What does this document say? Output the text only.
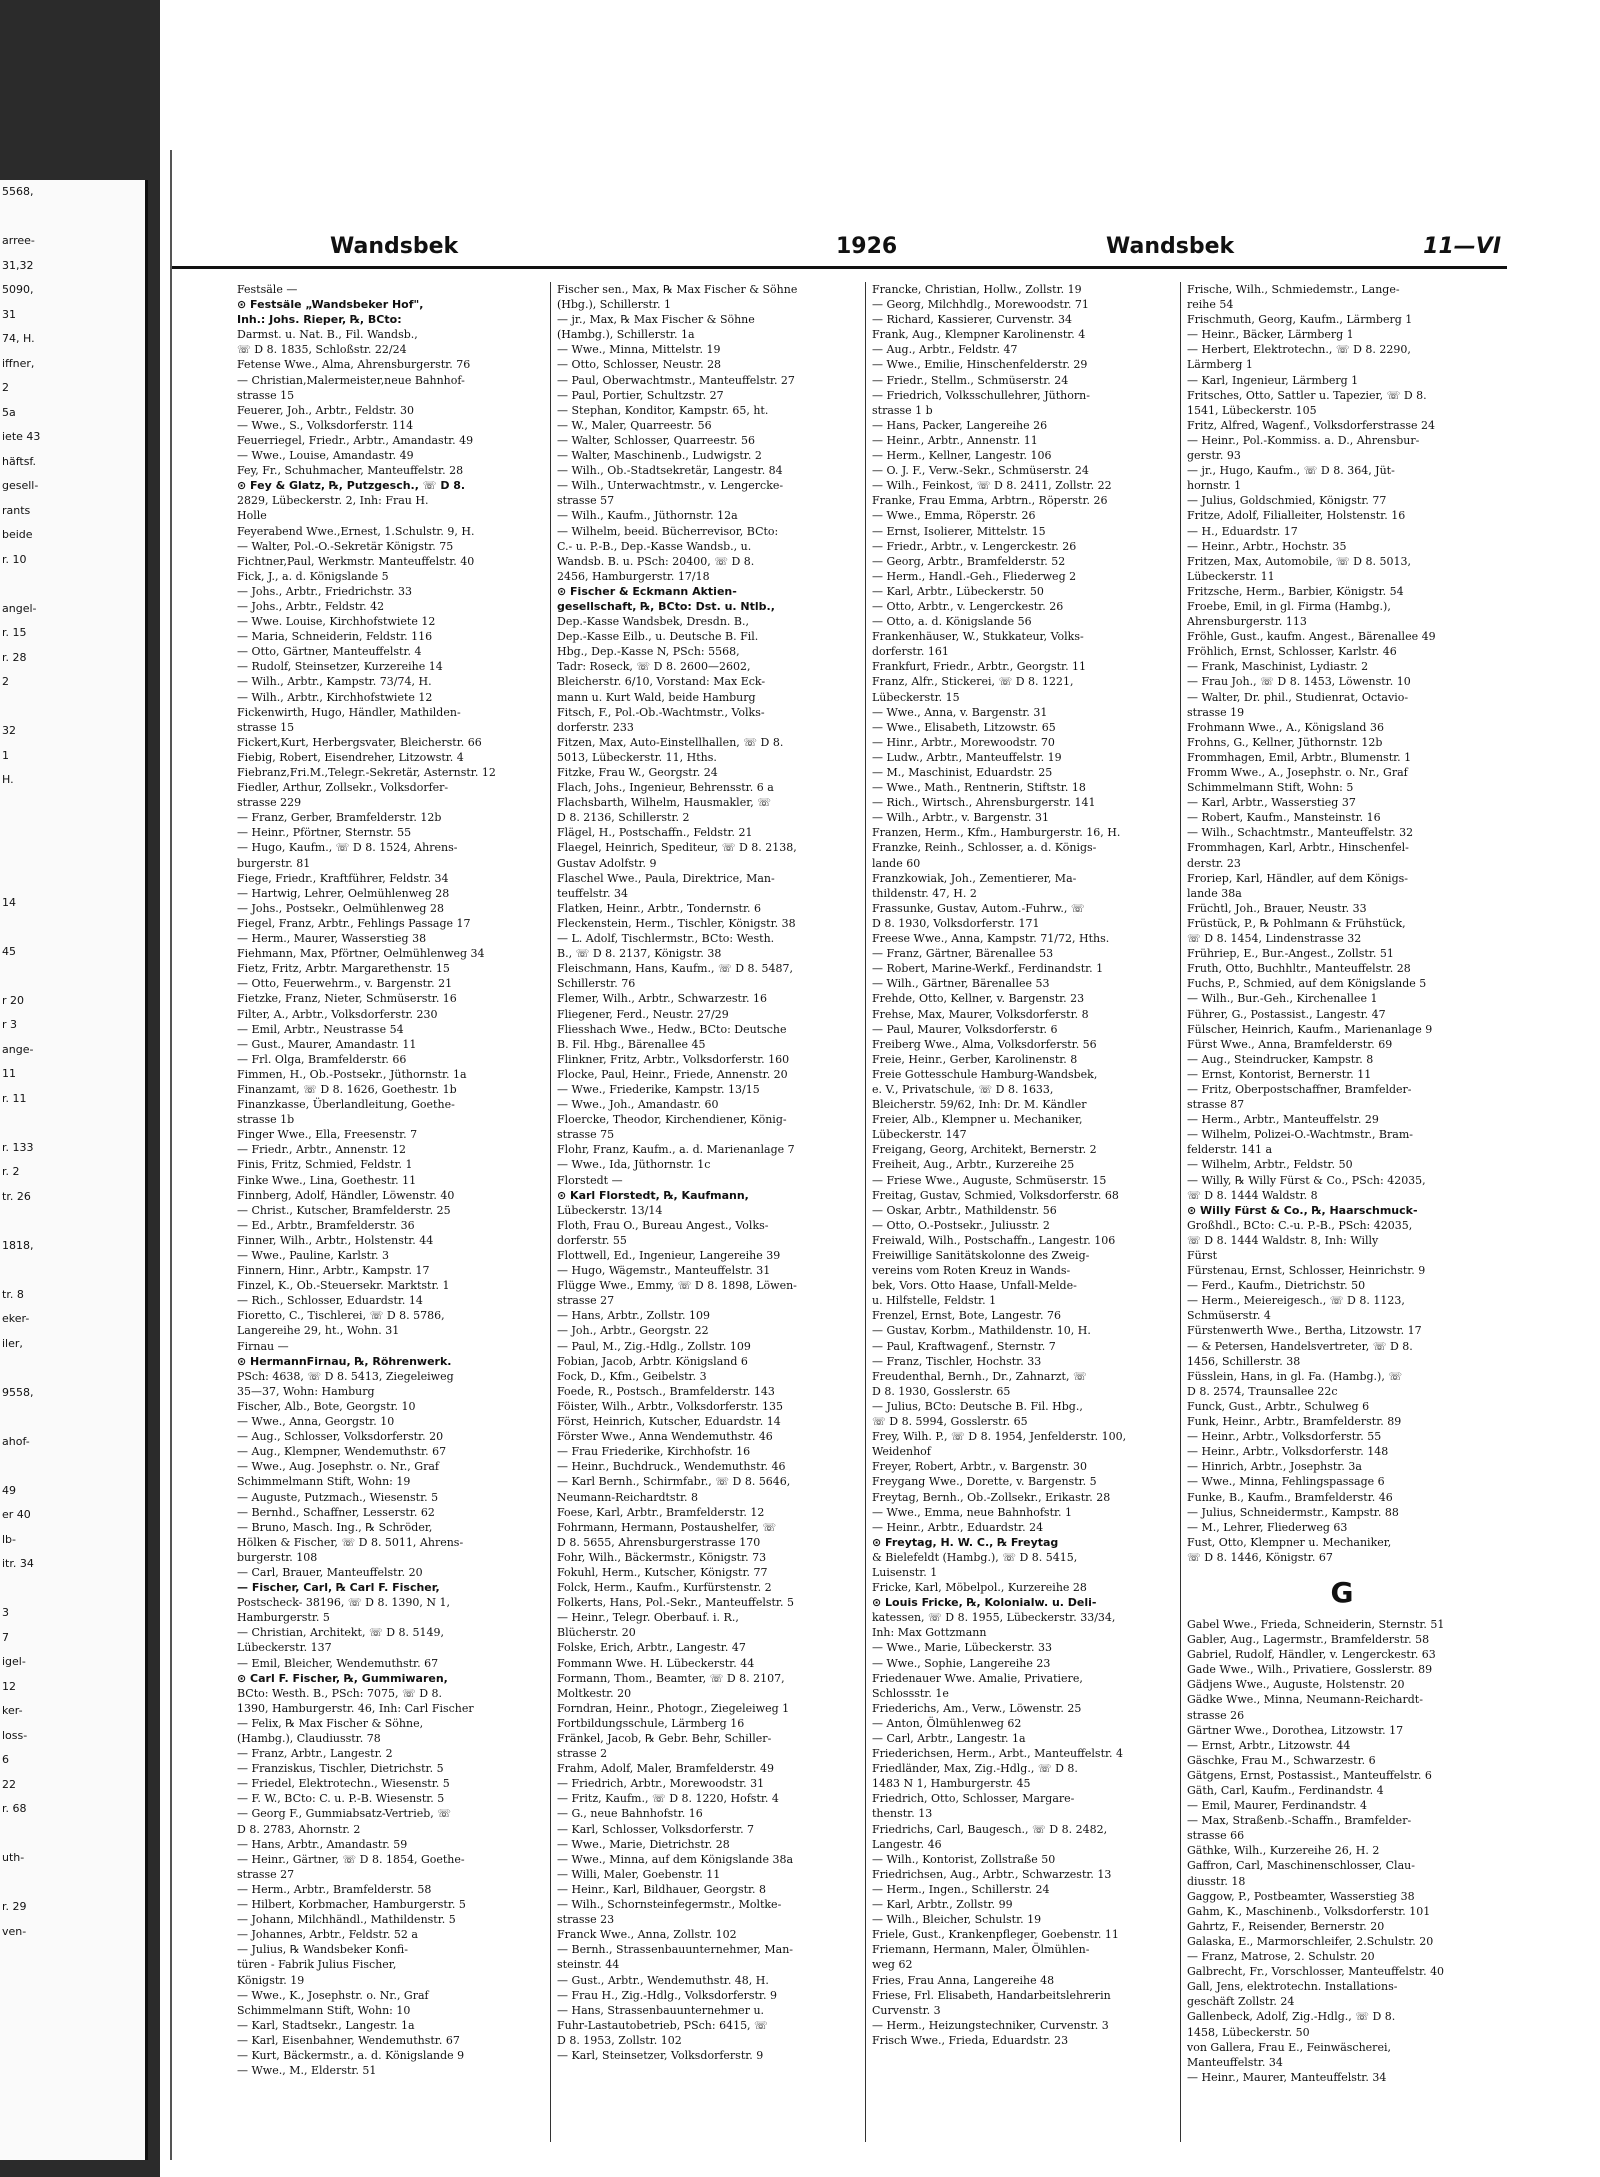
5568,

arree-
31,32
5090,
31
74, H.
iffner,
2
5a
iete 43
häftsf.
gesell-
rants
beide
r. 10

angel-
r. 15
r. 28
2

32
1
H.

14

45

r 20
r 3
ange-
11
r. 11

r. 133
r. 2
tr. 26

1818,

tr. 8
eker-
iler,

9558,

ahof-

49
er 40
lb-
itr. 34

3
7
igel-
12
ker-
loss-
6
22
r. 68

uth-

r. 29
ven-
Wandsbek	1926	Wandsbek	11—VI
Festsäle —
⊙ Festsäle „Wandsbeker Hof",
Inh.: Johs. Rieper, ℞, BCto:
Darmst. u. Nat. B., Fil. Wandsb.,
☏ D 8. 1835, Schloßstr. 22/24
Fetense Wwe., Alma, Ahrensburgerstr. 76
— Christian,Malermeister,neue Bahnhof-
strasse 15
Feuerer, Joh., Arbtr., Feldstr. 30
— Wwe., S., Volksdorferstr. 114
Feuerriegel, Friedr., Arbtr., Amandastr. 49
— Wwe., Louise, Amandastr. 49
Fey, Fr., Schuhmacher, Manteuffelstr. 28
⊙ Fey & Glatz, ℞, Putzgesch., ☏ D 8.
2829, Lübeckerstr. 2, Inh: Frau H.
Holle
Feyerabend Wwe.,Ernest, 1.Schulstr. 9, H.
— Walter, Pol.-O.-Sekretär Königstr. 75
Fichtner,Paul, Werkmstr. Manteuffelstr. 40
Fick, J., a. d. Königslande 5
— Johs., Arbtr., Friedrichstr. 33
— Johs., Arbtr., Feldstr. 42
— Wwe. Louise, Kirchhofstwiete 12
— Maria, Schneiderin, Feldstr. 116
— Otto, Gärtner, Manteuffelstr. 4
— Rudolf, Steinsetzer, Kurzereihe 14
— Wilh., Arbtr., Kampstr. 73/74, H.
— Wilh., Arbtr., Kirchhofstwiete 12
Fickenwirth, Hugo, Händler, Mathilden-
strasse 15
Fickert,Kurt, Herbergsvater, Bleicherstr. 66
Fiebig, Robert, Eisendreher, Litzowstr. 4
Fiebranz,Fri.M.,Telegr.-Sekretär, Asternstr. 12
Fiedler, Arthur, Zollsekr., Volksdorfer-
strasse 229
— Franz, Gerber, Bramfelderstr. 12b
— Heinr., Pförtner, Sternstr. 55
— Hugo, Kaufm., ☏ D 8. 1524, Ahrens-
burgerstr. 81
Fiege, Friedr., Kraftführer, Feldstr. 34
— Hartwig, Lehrer, Oelmühlenweg 28
— Johs., Postsekr., Oelmühlenweg 28
Fiegel, Franz, Arbtr., Fehlings Passage 17
— Herm., Maurer, Wasserstieg 38
Fiehmann, Max, Pförtner, Oelmühlenweg 34
Fietz, Fritz, Arbtr. Margarethenstr. 15
— Otto, Feuerwehrm., v. Bargenstr. 21
Fietzke, Franz, Nieter, Schmüserstr. 16
Filter, A., Arbtr., Volksdorferstr. 230
— Emil, Arbtr., Neustrasse 54
— Gust., Maurer, Amandastr. 11
— Frl. Olga, Bramfelderstr. 66
Fimmen, H., Ob.-Postsekr., Jüthornstr. 1a
Finanzamt, ☏ D 8. 1626, Goethestr. 1b
Finanzkasse, Überlandleitung, Goethe-
strasse 1b
Finger Wwe., Ella, Freesenstr. 7
— Friedr., Arbtr., Annenstr. 12
Finis, Fritz, Schmied, Feldstr. 1
Finke Wwe., Lina, Goethestr. 11
Finnberg, Adolf, Händler, Löwenstr. 40
— Christ., Kutscher, Bramfelderstr. 25
— Ed., Arbtr., Bramfelderstr. 36
Finner, Wilh., Arbtr., Holstenstr. 44
— Wwe., Pauline, Karlstr. 3
Finnern, Hinr., Arbtr., Kampstr. 17
Finzel, K., Ob.-Steuersekr. Marktstr. 1
— Rich., Schlosser, Eduardstr. 14
Fioretto, C., Tischlerei, ☏ D 8. 5786,
Langereihe 29, ht., Wohn. 31
Firnau —
⊙ HermannFirnau, ℞, Röhrenwerk.
PSch: 4638, ☏ D 8. 5413, Ziegeleiweg
35—37, Wohn: Hamburg
Fischer, Alb., Bote, Georgstr. 10
— Wwe., Anna, Georgstr. 10
— Aug., Schlosser, Volksdorferstr. 20
— Aug., Klempner, Wendemuthstr. 67
— Wwe., Aug. Josephstr. o. Nr., Graf
Schimmelmann Stift, Wohn: 19
— Auguste, Putzmach., Wiesenstr. 5
— Bernhd., Schaffner, Lesserstr. 62
— Bruno, Masch. Ing., ℞ Schröder,
Hölken & Fischer, ☏ D 8. 5011, Ahrens-
burgerstr. 108
— Carl, Brauer, Manteuffelstr. 20
— Fischer, Carl, ℞ Carl F. Fischer,
Postscheck- 38196, ☏ D 8. 1390, N 1,
Hamburgerstr. 5
— Christian, Architekt, ☏ D 8. 5149,
Lübeckerstr. 137
— Emil, Bleicher, Wendemuthstr. 67
⊙ Carl F. Fischer, ℞, Gummiwaren,
BCto: Westh. B., PSch: 7075, ☏ D 8.
1390, Hamburgerstr. 46, Inh: Carl Fischer
— Felix, ℞ Max Fischer & Söhne,
(Hambg.), Claudiusstr. 78
— Franz, Arbtr., Langestr. 2
— Franziskus, Tischler, Dietrichstr. 5
— Friedel, Elektrotechn., Wiesenstr. 5
— F. W., BCto: C. u. P.-B. Wiesenstr. 5
— Georg F., Gummiabsatz-Vertrieb, ☏
D 8. 2783, Ahornstr. 2
— Hans, Arbtr., Amandastr. 59
— Heinr., Gärtner, ☏ D 8. 1854, Goethe-
strasse 27
— Herm., Arbtr., Bramfelderstr. 58
— Hilbert, Korbmacher, Hamburgerstr. 5
— Johann, Milchhändl., Mathildenstr. 5
— Johannes, Arbtr., Feldstr. 52 a
— Julius, ℞ Wandsbeker Konfi-
türen - Fabrik Julius Fischer,
Königstr. 19
— Wwe., K., Josephstr. o. Nr., Graf
Schimmelmann Stift, Wohn: 10
— Karl, Stadtsekr., Langestr. 1a
— Karl, Eisenbahner, Wendemuthstr. 67
— Kurt, Bäckermstr., a. d. Königslande 9
— Wwe., M., Elderstr. 51
Fischer sen., Max, ℞ Max Fischer & Söhne
(Hbg.), Schillerstr. 1
— jr., Max, ℞ Max Fischer & Söhne
(Hambg.), Schillerstr. 1a
— Wwe., Minna, Mittelstr. 19
— Otto, Schlosser, Neustr. 28
— Paul, Oberwachtmstr., Manteuffelstr. 27
— Paul, Portier, Schultzstr. 27
— Stephan, Konditor, Kampstr. 65, ht.
— W., Maler, Quarreestr. 56
— Walter, Schlosser, Quarreestr. 56
— Walter, Maschinenb., Ludwigstr. 2
— Wilh., Ob.-Stadtsekretär, Langestr. 84
— Wilh., Unterwachtmstr., v. Lengercke-
strasse 57
— Wilh., Kaufm., Jüthornstr. 12a
— Wilhelm, beeid. Bücherrevisor, BCto:
C.- u. P.-B., Dep.-Kasse Wandsb., u.
Wandsb. B. u. PSch: 20400, ☏ D 8.
2456, Hamburgerstr. 17/18
⊙ Fischer & Eckmann Aktien-
gesellschaft, ℞, BCto: Dst. u. Ntlb.,
Dep.-Kasse Wandsbek, Dresdn. B.,
Dep.-Kasse Eilb., u. Deutsche B. Fil.
Hbg., Dep.-Kasse N, PSch: 5568,
Tadr: Roseck, ☏ D 8. 2600—2602,
Bleicherstr. 6/10, Vorstand: Max Eck-
mann u. Kurt Wald, beide Hamburg
Fitsch, F., Pol.-Ob.-Wachtmstr., Volks-
dorferstr. 233
Fitzen, Max, Auto-Einstellhallen, ☏ D 8.
5013, Lübeckerstr. 11, Hths.
Fitzke, Frau W., Georgstr. 24
Flach, Johs., Ingenieur, Behrensstr. 6 a
Flachsbarth, Wilhelm, Hausmakler, ☏
D 8. 2136, Schillerstr. 2
Flägel, H., Postschaffn., Feldstr. 21
Flaegel, Heinrich, Spediteur, ☏ D 8. 2138,
Gustav Adolfstr. 9
Flaschel Wwe., Paula, Direktrice, Man-
teuffelstr. 34
Flatken, Heinr., Arbtr., Tondernstr. 6
Fleckenstein, Herm., Tischler, Königstr. 38
— L. Adolf, Tischlermstr., BCto: Westh.
B., ☏ D 8. 2137, Königstr. 38
Fleischmann, Hans, Kaufm., ☏ D 8. 5487,
Schillerstr. 76
Flemer, Wilh., Arbtr., Schwarzestr. 16
Fliegener, Ferd., Neustr. 27/29
Fliesshach Wwe., Hedw., BCto: Deutsche
B. Fil. Hbg., Bärenallee 45
Flinkner, Fritz, Arbtr., Volksdorferstr. 160
Flocke, Paul, Heinr., Friede, Annenstr. 20
— Wwe., Friederike, Kampstr. 13/15
— Wwe., Joh., Amandastr. 60
Floercke, Theodor, Kirchendiener, König-
strasse 75
Flohr, Franz, Kaufm., a. d. Marienanlage 7
— Wwe., Ida, Jüthornstr. 1c
Florstedt —
⊙ Karl Florstedt, ℞, Kaufmann,
Lübeckerstr. 13/14
Floth, Frau O., Bureau Angest., Volks-
dorferstr. 55
Flottwell, Ed., Ingenieur, Langereihe 39
— Hugo, Wägemstr., Manteuffelstr. 31
Flügge Wwe., Emmy, ☏ D 8. 1898, Löwen-
strasse 27
— Hans, Arbtr., Zollstr. 109
— Joh., Arbtr., Georgstr. 22
— Paul, M., Zig.-Hdlg., Zollstr. 109
Fobian, Jacob, Arbtr. Königsland 6
Fock, D., Kfm., Geibelstr. 3
Foede, R., Postsch., Bramfelderstr. 143
Föister, Wilh., Arbtr., Volksdorferstr. 135
Först, Heinrich, Kutscher, Eduardstr. 14
Förster Wwe., Anna Wendemuthstr. 46
— Frau Friederike, Kirchhofstr. 16
— Heinr., Buchdruck., Wendemuthstr. 46
— Karl Bernh., Schirmfabr., ☏ D 8. 5646,
Neumann-Reichardtstr. 8
Foese, Karl, Arbtr., Bramfelderstr. 12
Fohrmann, Hermann, Postaushelfer, ☏
D 8. 5655, Ahrensburgerstrasse 170
Fohr, Wilh., Bäckermstr., Königstr. 73
Fokuhl, Herm., Kutscher, Königstr. 77
Folck, Herm., Kaufm., Kurfürstenstr. 2
Folkerts, Hans, Pol.-Sekr., Manteuffelstr. 5
— Heinr., Telegr. Oberbauf. i. R.,
Blücherstr. 20
Folske, Erich, Arbtr., Langestr. 47
Fommann Wwe. H. Lübeckerstr. 44
Formann, Thom., Beamter, ☏ D 8. 2107,
Moltkestr. 20
Forndran, Heinr., Photogr., Ziegeleiweg 1
Fortbildungsschule, Lärmberg 16
Fränkel, Jacob, ℞ Gebr. Behr, Schiller-
strasse 2
Frahm, Adolf, Maler, Bramfelderstr. 49
— Friedrich, Arbtr., Morewoodstr. 31
— Fritz, Kaufm., ☏ D 8. 1220, Hofstr. 4
— G., neue Bahnhofstr. 16
— Karl, Schlosser, Volksdorferstr. 7
— Wwe., Marie, Dietrichstr. 28
— Wwe., Minna, auf dem Königslande 38a
— Willi, Maler, Goebenstr. 11
— Heinr., Karl, Bildhauer, Georgstr. 8
— Wilh., Schornsteinfegermstr., Moltke-
strasse 23
Franck Wwe., Anna, Zollstr. 102
— Bernh., Strassenbauunternehmer, Man-
steinstr. 44
— Gust., Arbtr., Wendemuthstr. 48, H.
— Frau H., Zig.-Hdlg., Volksdorferstr. 9
— Hans, Strassenbauunternehmer u.
Fuhr-Lastautobetrieb, PSch: 6415, ☏
D 8. 1953, Zollstr. 102
— Karl, Steinsetzer, Volksdorferstr. 9
Francke, Christian, Hollw., Zollstr. 19
— Georg, Milchhdlg., Morewoodstr. 71
— Richard, Kassierer, Curvenstr. 34
Frank, Aug., Klempner Karolinenstr. 4
— Aug., Arbtr., Feldstr. 47
— Wwe., Emilie, Hinschenfelderstr. 29
— Friedr., Stellm., Schmüserstr. 24
— Friedrich, Volksschullehrer, Jüthorn-
strasse 1 b
— Hans, Packer, Langereihe 26
— Heinr., Arbtr., Annenstr. 11
— Herm., Kellner, Langestr. 106
— O. J. F., Verw.-Sekr., Schmüserstr. 24
— Wilh., Feinkost, ☏ D 8. 2411, Zollstr. 22
Franke, Frau Emma, Arbtrn., Röperstr. 26
— Wwe., Emma, Röperstr. 26
— Ernst, Isolierer, Mittelstr. 15
— Friedr., Arbtr., v. Lengerckestr. 26
— Georg, Arbtr., Bramfelderstr. 52
— Herm., Handl.-Geh., Fliederweg 2
— Karl, Arbtr., Lübeckerstr. 50
— Otto, Arbtr., v. Lengerckestr. 26
— Otto, a. d. Königslande 56
Frankenhäuser, W., Stukkateur, Volks-
dorferstr. 161
Frankfurt, Friedr., Arbtr., Georgstr. 11
Franz, Alfr., Stickerei, ☏ D 8. 1221,
Lübeckerstr. 15
— Wwe., Anna, v. Bargenstr. 31
— Wwe., Elisabeth, Litzowstr. 65
— Hinr., Arbtr., Morewoodstr. 70
— Ludw., Arbtr., Manteuffelstr. 19
— M., Maschinist, Eduardstr. 25
— Wwe., Math., Rentnerin, Stiftstr. 18
— Rich., Wirtsch., Ahrensburgerstr. 141
— Wilh., Arbtr., v. Bargenstr. 31
Franzen, Herm., Kfm., Hamburgerstr. 16, H.
Franzke, Reinh., Schlosser, a. d. Königs-
lande 60
Franzkowiak, Joh., Zementierer, Ma-
thildenstr. 47, H. 2
Frassunke, Gustav, Autom.-Fuhrw., ☏
D 8. 1930, Volksdorferstr. 171
Freese Wwe., Anna, Kampstr. 71/72, Hths.
— Franz, Gärtner, Bärenallee 53
— Robert, Marine-Werkf., Ferdinandstr. 1
— Wilh., Gärtner, Bärenallee 53
Frehde, Otto, Kellner, v. Bargenstr. 23
Frehse, Max, Maurer, Volksdorferstr. 8
— Paul, Maurer, Volksdorferstr. 6
Freiberg Wwe., Alma, Volksdorferstr. 56
Freie, Heinr., Gerber, Karolinenstr. 8
Freie Gottesschule Hamburg-Wandsbek,
e. V., Privatschule, ☏ D 8. 1633,
Bleicherstr. 59/62, Inh: Dr. M. Kändler
Freier, Alb., Klempner u. Mechaniker,
Lübeckerstr. 147
Freigang, Georg, Architekt, Bernerstr. 2
Freiheit, Aug., Arbtr., Kurzereihe 25
— Friese Wwe., Auguste, Schmüserstr. 15
Freitag, Gustav, Schmied, Volksdorferstr. 68
— Oskar, Arbtr., Mathildenstr. 56
— Otto, O.-Postsekr., Juliusstr. 2
Freiwald, Wilh., Postschaffn., Langestr. 106
Freiwillige Sanitätskolonne des Zweig-
vereins vom Roten Kreuz in Wands-
bek, Vors. Otto Haase, Unfall-Melde-
u. Hilfstelle, Feldstr. 1
Frenzel, Ernst, Bote, Langestr. 76
— Gustav, Korbm., Mathildenstr. 10, H.
— Paul, Kraftwagenf., Sternstr. 7
— Franz, Tischler, Hochstr. 33
Freudenthal, Bernh., Dr., Zahnarzt, ☏
D 8. 1930, Gosslerstr. 65
— Julius, BCto: Deutsche B. Fil. Hbg.,
☏ D 8. 5994, Gosslerstr. 65
Frey, Wilh. P., ☏ D 8. 1954, Jenfelderstr. 100,
Weidenhof
Freyer, Robert, Arbtr., v. Bargenstr. 30
Freygang Wwe., Dorette, v. Bargenstr. 5
Freytag, Bernh., Ob.-Zollsekr., Erikastr. 28
— Wwe., Emma, neue Bahnhofstr. 1
— Heinr., Arbtr., Eduardstr. 24
⊙ Freytag, H. W. C., ℞ Freytag
& Bielefeldt (Hambg.), ☏ D 8. 5415,
Luisenstr. 1
Fricke, Karl, Möbelpol., Kurzereihe 28
⊙ Louis Fricke, ℞, Kolonialw. u. Deli-
katessen, ☏ D 8. 1955, Lübeckerstr. 33/34,
Inh: Max Gottzmann
— Wwe., Marie, Lübeckerstr. 33
— Wwe., Sophie, Langereihe 23
Friedenauer Wwe. Amalie, Privatiere,
Schlossstr. 1e
Friederichs, Am., Verw., Löwenstr. 25
— Anton, Ölmühlenweg 62
— Carl, Arbtr., Langestr. 1a
Friederichsen, Herm., Arbt., Manteuffelstr. 4
Friedländer, Max, Zig.-Hdlg., ☏ D 8.
1483 N 1, Hamburgerstr. 45
Friedrich, Otto, Schlosser, Margare-
thenstr. 13
Friedrichs, Carl, Baugesch., ☏ D 8. 2482,
Langestr. 46
— Wilh., Kontorist, Zollstraße 50
Friedrichsen, Aug., Arbtr., Schwarzestr. 13
— Herm., Ingen., Schillerstr. 24
— Karl, Arbtr., Zollstr. 99
— Wilh., Bleicher, Schulstr. 19
Friele, Gust., Krankenpfleger, Goebenstr. 11
Friemann, Hermann, Maler, Ölmühlen-
weg 62
Fries, Frau Anna, Langereihe 48
Friese, Frl. Elisabeth, Handarbeitslehrerin
Curvenstr. 3
— Herm., Heizungstechniker, Curvenstr. 3
Frisch Wwe., Frieda, Eduardstr. 23
Frische, Wilh., Schmiedemstr., Lange-
reihe 54
Frischmuth, Georg, Kaufm., Lärmberg 1
— Heinr., Bäcker, Lärmberg 1
— Herbert, Elektrotechn., ☏ D 8. 2290,
Lärmberg 1
— Karl, Ingenieur, Lärmberg 1
Fritsches, Otto, Sattler u. Tapezier, ☏ D 8.
1541, Lübeckerstr. 105
Fritz, Alfred, Wagenf., Volksdorferstrasse 24
— Heinr., Pol.-Kommiss. a. D., Ahrensbur-
gerstr. 93
— jr., Hugo, Kaufm., ☏ D 8. 364, Jüt-
hornstr. 1
— Julius, Goldschmied, Königstr. 77
Fritze, Adolf, Filialleiter, Holstenstr. 16
— H., Eduardstr. 17
— Heinr., Arbtr., Hochstr. 35
Fritzen, Max, Automobile, ☏ D 8. 5013,
Lübeckerstr. 11
Fritzsche, Herm., Barbier, Königstr. 54
Froebe, Emil, in gl. Firma (Hambg.),
Ahrensburgerstr. 113
Fröhle, Gust., kaufm. Angest., Bärenallee 49
Fröhlich, Ernst, Schlosser, Karlstr. 46
— Frank, Maschinist, Lydiastr. 2
— Frau Joh., ☏ D 8. 1453, Löwenstr. 10
— Walter, Dr. phil., Studienrat, Octavio-
strasse 19
Frohmann Wwe., A., Königsland 36
Frohns, G., Kellner, Jüthornstr. 12b
Frommhagen, Emil, Arbtr., Blumenstr. 1
Fromm Wwe., A., Josephstr. o. Nr., Graf
Schimmelmann Stift, Wohn: 5
— Karl, Arbtr., Wasserstieg 37
— Robert, Kaufm., Mansteinstr. 16
— Wilh., Schachtmstr., Manteuffelstr. 32
Frommhagen, Karl, Arbtr., Hinschenfel-
derstr. 23
Froriep, Karl, Händler, auf dem Königs-
lande 38a
Früchtl, Joh., Brauer, Neustr. 33
Früstück, P., ℞ Pohlmann & Frühstück,
☏ D 8. 1454, Lindenstrasse 32
Frühriep, E., Bur.-Angest., Zollstr. 51
Fruth, Otto, Buchhltr., Manteuffelstr. 28
Fuchs, P., Schmied, auf dem Königslande 5
— Wilh., Bur.-Geh., Kirchenallee 1
Führer, G., Postassist., Langestr. 47
Fülscher, Heinrich, Kaufm., Marienanlage 9
Fürst Wwe., Anna, Bramfelderstr. 69
— Aug., Steindrucker, Kampstr. 8
— Ernst, Kontorist, Bernerstr. 11
— Fritz, Oberpostschaffner, Bramfelder-
strasse 87
— Herm., Arbtr., Manteuffelstr. 29
— Wilhelm, Polizei-O.-Wachtmstr., Bram-
felderstr. 141 a
— Wilhelm, Arbtr., Feldstr. 50
— Willy, ℞ Willy Fürst & Co., PSch: 42035,
☏ D 8. 1444 Waldstr. 8
⊙ Willy Fürst & Co., ℞, Haarschmuck-
Großhdl., BCto: C.-u. P.-B., PSch: 42035,
☏ D 8. 1444 Waldstr. 8, Inh: Willy
Fürst
Fürstenau, Ernst, Schlosser, Heinrichstr. 9
— Ferd., Kaufm., Dietrichstr. 50
— Herm., Meiereigesch., ☏ D 8. 1123,
Schmüserstr. 4
Fürstenwerth Wwe., Bertha, Litzowstr. 17
— & Petersen, Handelsvertreter, ☏ D 8.
1456, Schillerstr. 38
Füsslein, Hans, in gl. Fa. (Hambg.), ☏
D 8. 2574, Traunsallee 22c
Funck, Gust., Arbtr., Schulweg 6
Funk, Heinr., Arbtr., Bramfelderstr. 89
— Heinr., Arbtr., Volksdorferstr. 55
— Heinr., Arbtr., Volksdorferstr. 148
— Hinrich, Arbtr., Josephstr. 3a
— Wwe., Minna, Fehlingspassage 6
Funke, B., Kaufm., Bramfelderstr. 46
— Julius, Schneidermstr., Kampstr. 88
— M., Lehrer, Fliederweg 63
Fust, Otto, Klempner u. Mechaniker,
☏ D 8. 1446, Königstr. 67
G
Gabel Wwe., Frieda, Schneiderin, Sternstr. 51
Gabler, Aug., Lagermstr., Bramfelderstr. 58
Gabriel, Rudolf, Händler, v. Lengerckestr. 63
Gade Wwe., Wilh., Privatiere, Gosslerstr. 89
Gädjens Wwe., Auguste, Holstenstr. 20
Gädke Wwe., Minna, Neumann-Reichardt-
strasse 26
Gärtner Wwe., Dorothea, Litzowstr. 17
— Ernst, Arbtr., Litzowstr. 44
Gäschke, Frau M., Schwarzestr. 6
Gätgens, Ernst, Postassist., Manteuffelstr. 6
Gäth, Carl, Kaufm., Ferdinandstr. 4
— Emil, Maurer, Ferdinandstr. 4
— Max, Straßenb.-Schaffn., Bramfelder-
strasse 66
Gäthke, Wilh., Kurzereihe 26, H. 2
Gaffron, Carl, Maschinenschlosser, Clau-
diusstr. 18
Gaggow, P., Postbeamter, Wasserstieg 38
Gahm, K., Maschinenb., Volksdorferstr. 101
Gahrtz, F., Reisender, Bernerstr. 20
Galaska, E., Marmorschleifer, 2.Schulstr. 20
— Franz, Matrose, 2. Schulstr. 20
Galbrecht, Fr., Vorschlosser, Manteuffelstr. 40
Gall, Jens, elektrotechn. Installations-
geschäft Zollstr. 24
Gallenbeck, Adolf, Zig.-Hdlg., ☏ D 8.
1458, Lübeckerstr. 50
von Gallera, Frau E., Feinwäscherei,
Manteuffelstr. 34
— Heinr., Maurer, Manteuffelstr. 34
